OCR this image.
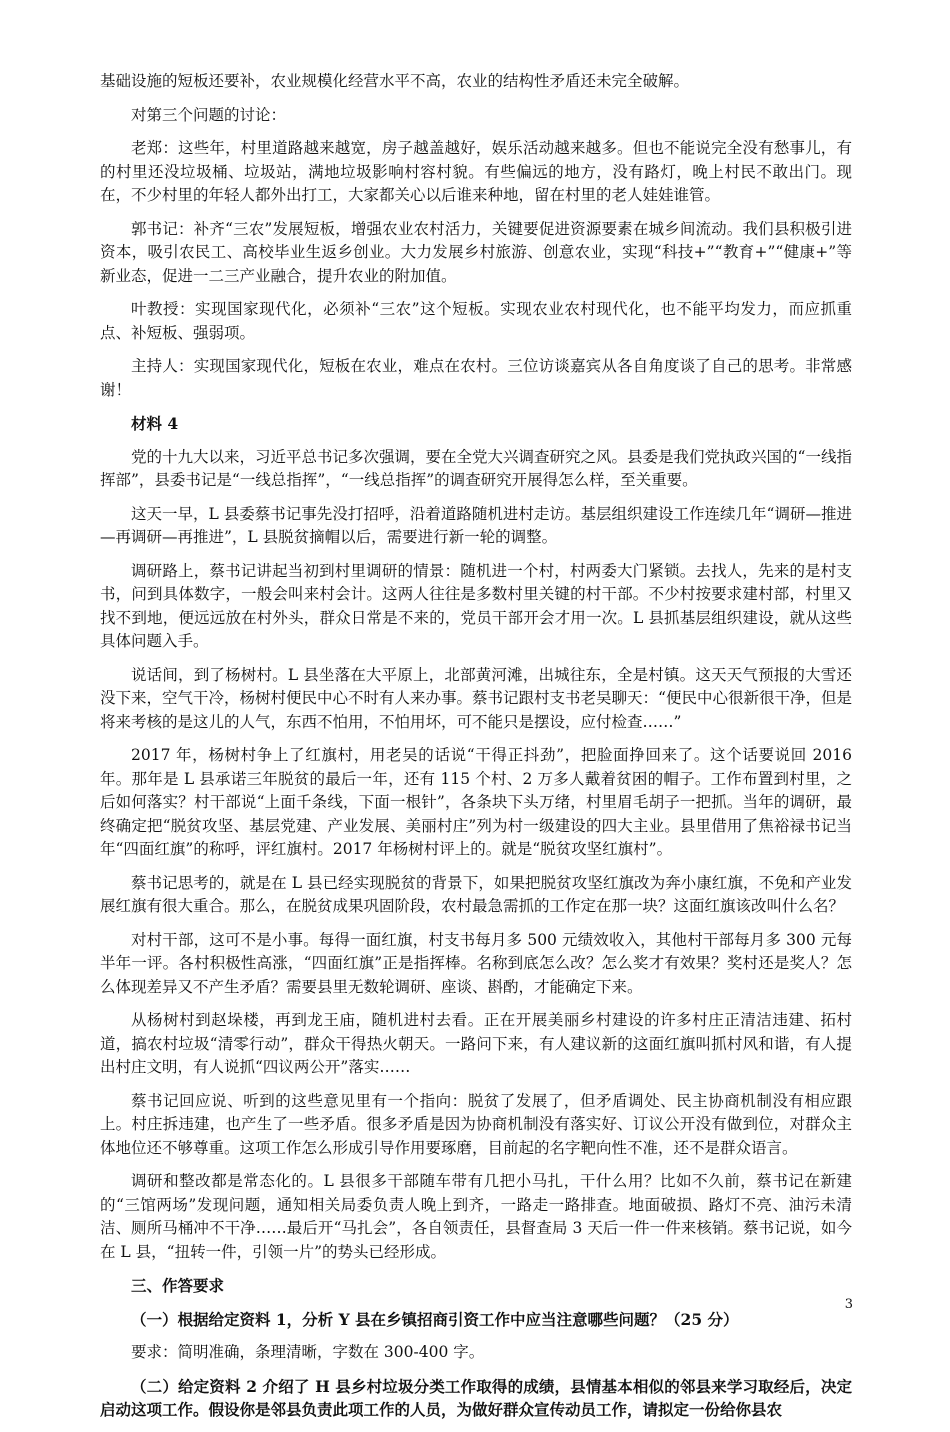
基础设施的短板还要补，农业规模化经营水平不高，农业的结构性矛盾还未完全破解。

对第三个问题的讨论：

老郑：这些年，村里道路越来越宽，房子越盖越好，娱乐活动越来越多。但也不能说完全没有愁事儿，有的村里还没垃圾桶、垃圾站，满地垃圾影响村容村貌。有些偏远的地方，没有路灯，晚上村民不敢出门。现在，不少村里的年轻人都外出打工，大家都关心以后谁来种地，留在村里的老人娃娃谁管。

郭书记：补齐“三农”发展短板，增强农业农村活力，关键要促进资源要素在城乡间流动。我们县积极引进资本，吸引农民工、高校毕业生返乡创业。大力发展乡村旅游、创意农业，实现“科技+”“教育+”“健康+”等新业态，促进一二三产业融合，提升农业的附加值。

叶教授：实现国家现代化，必须补“三农”这个短板。实现农业农村现代化，也不能平均发力，而应抓重点、补短板、强弱项。

主持人：实现国家现代化，短板在农业，难点在农村。三位访谈嘉宾从各自角度谈了自己的思考。非常感谢！

材料 4

党的十九大以来，习近平总书记多次强调，要在全党大兴调查研究之风。县委是我们党执政兴国的“一线指挥部”，县委书记是“一线总指挥”，“一线总指挥”的调查研究开展得怎么样，至关重要。

这天一早，L 县委蔡书记事先没打招呼，沿着道路随机进村走访。基层组织建设工作连续几年“调研—推进—再调研—再推进”，L 县脱贫摘帽以后，需要进行新一轮的调整。

调研路上，蔡书记讲起当初到村里调研的情景：随机进一个村，村两委大门紧锁。去找人，先来的是村支书，问到具体数字，一般会叫来村会计。这两人往往是多数村里关键的村干部。不少村按要求建村部，村里又找不到地，便远远放在村外头，群众日常是不来的，党员干部开会才用一次。L 县抓基层组织建设，就从这些具体问题入手。

说话间，到了杨树村。L 县坐落在大平原上，北部黄河滩，出城往东，全是村镇。这天天气预报的大雪还没下来，空气干冷，杨树村便民中心不时有人来办事。蔡书记跟村支书老吴聊天：“便民中心很新很干净，但是将来考核的是这儿的人气，东西不怕用，不怕用坏，可不能只是摆设，应付检查……”

2017 年，杨树村争上了红旗村，用老吴的话说“干得正抖劲”，把脸面挣回来了。这个话要说回 2016 年。那年是 L 县承诺三年脱贫的最后一年，还有 115 个村、2 万多人戴着贫困的帽子。工作布置到村里，之后如何落实？村干部说“上面千条线，下面一根针”，各条块下头万绪，村里眉毛胡子一把抓。当年的调研，最终确定把“脱贫攻坚、基层党建、产业发展、美丽村庄”列为村一级建设的四大主业。县里借用了焦裕禄书记当年“四面红旗”的称呼，评红旗村。2017 年杨树村评上的。就是“脱贫攻坚红旗村”。

蔡书记思考的，就是在 L 县已经实现脱贫的背景下，如果把脱贫攻坚红旗改为奔小康红旗，不免和产业发展红旗有很大重合。那么，在脱贫成果巩固阶段，农村最急需抓的工作定在那一块？这面红旗该改叫什么名？

对村干部，这可不是小事。每得一面红旗，村支书每月多 500 元绩效收入，其他村干部每月多 300 元每半年一评。各村积极性高涨，“四面红旗”正是指挥棒。名称到底怎么改？怎么奖才有效果？奖村还是奖人？怎么体现差异又不产生矛盾？需要县里无数轮调研、座谈、斟酌，才能确定下来。

从杨树村到赵垛楼，再到龙王庙，随机进村去看。正在开展美丽乡村建设的许多村庄正清洁违建、拓村道，搞农村垃圾“清零行动”，群众干得热火朝天。一路问下来，有人建议新的这面红旗叫抓村风和谐，有人提出村庄文明，有人说抓“四议两公开”落实……

蔡书记回应说、听到的这些意见里有一个指向：脱贫了发展了，但矛盾调处、民主协商机制没有相应跟上。村庄拆违建，也产生了一些矛盾。很多矛盾是因为协商机制没有落实好、订议公开没有做到位，对群众主体地位还不够尊重。这项工作怎么形成引导作用要琢磨，目前起的名字靶向性不准，还不是群众语言。

调研和整改都是常态化的。L 县很多干部随车带有几把小马扎，干什么用？比如不久前，蔡书记在新建的“三馆两场”发现问题，通知相关局委负责人晚上到齐，一路走一路排查。地面破损、路灯不亮、油污未清洁、厕所马桶冲不干净……最后开“马扎会”，各自领责任，县督查局 3 天后一件一件来核销。蔡书记说，如今在 L 县，“扭转一件，引领一片”的势头已经形成。

三、作答要求

（一）根据给定资料 1，分析 Y 县在乡镇招商引资工作中应当注意哪些问题？（25 分）

要求：简明准确，条理清晰，字数在 300-400 字。

（二）给定资料 2 介绍了 H 县乡村垃圾分类工作取得的成绩，县情基本相似的邻县来学习取经后，决定启动这项工作。假设你是邻县负责此项工作的人员，为做好群众宣传动员工作，请拟定一份给你县农

3
